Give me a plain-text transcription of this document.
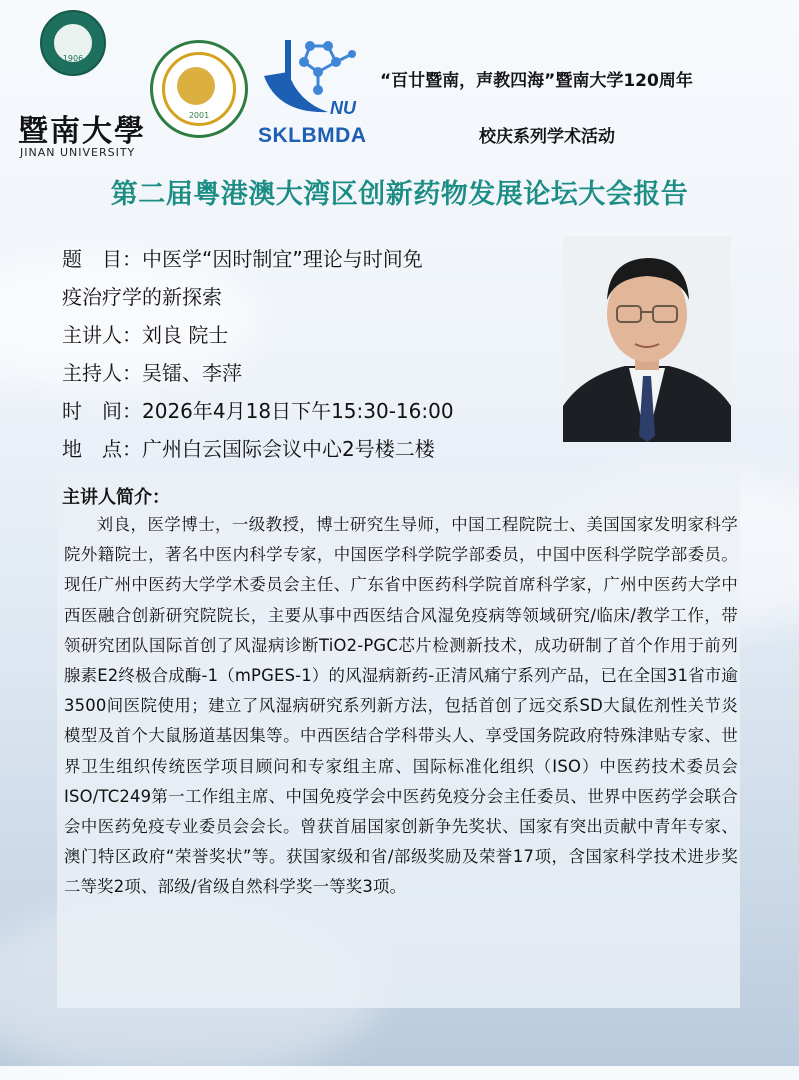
1906
暨南大學
JINAN UNIVERSITY
2001	NU
SKLBMDA
“百廿暨南，声教四海”暨南大学120周年
校庆系列学术活动
第二届粤港澳大湾区创新药物发展论坛大会报告
题　目：中医学“因时制宜”理论与时间免
疫治疗学的新探索
主讲人：刘良 院士
主持人：吴镭、李萍
时　间：2026年4月18日下午15:30-16:00
地　点：广州白云国际会议中心2号楼二楼
主讲人简介：
刘良，医学博士，一级教授，博士研究生导师，中国工程院院士、美国国家发明家科学院外籍院士，著名中医内科学专家，中国医学科学院学部委员，中国中医科学院学部委员。现任广州中医药大学学术委员会主任、广东省中医药科学院首席科学家，广州中医药大学中西医融合创新研究院院长，主要从事中西医结合风湿免疫病等领域研究/临床/教学工作，带领研究团队国际首创了风湿病诊断TiO2-PGC芯片检测新技术，成功研制了首个作用于前列腺素E2终极合成酶-1（mPGES-1）的风湿病新药-正清风痛宁系列产品，已在全国31省市逾3500间医院使用；建立了风湿病研究系列新方法，包括首创了远交系SD大鼠佐剂性关节炎模型及首个大鼠肠道基因集等。中西医结合学科带头人、享受国务院政府特殊津贴专家、世界卫生组织传统医学项目顾问和专家组主席、国际标准化组织（ISO）中医药技术委员会ISO/TC249第一工作组主席、中国免疫学会中医药免疫分会主任委员、世界中医药学会联合会中医药免疫专业委员会会长。曾获首届国家创新争先奖状、国家有突出贡献中青年专家、澳门特区政府“荣誉奖状”等。获国家级和省/部级奖励及荣誉17项，含国家科学技术进步奖二等奖2项、部级/省级自然科学奖一等奖3项。
